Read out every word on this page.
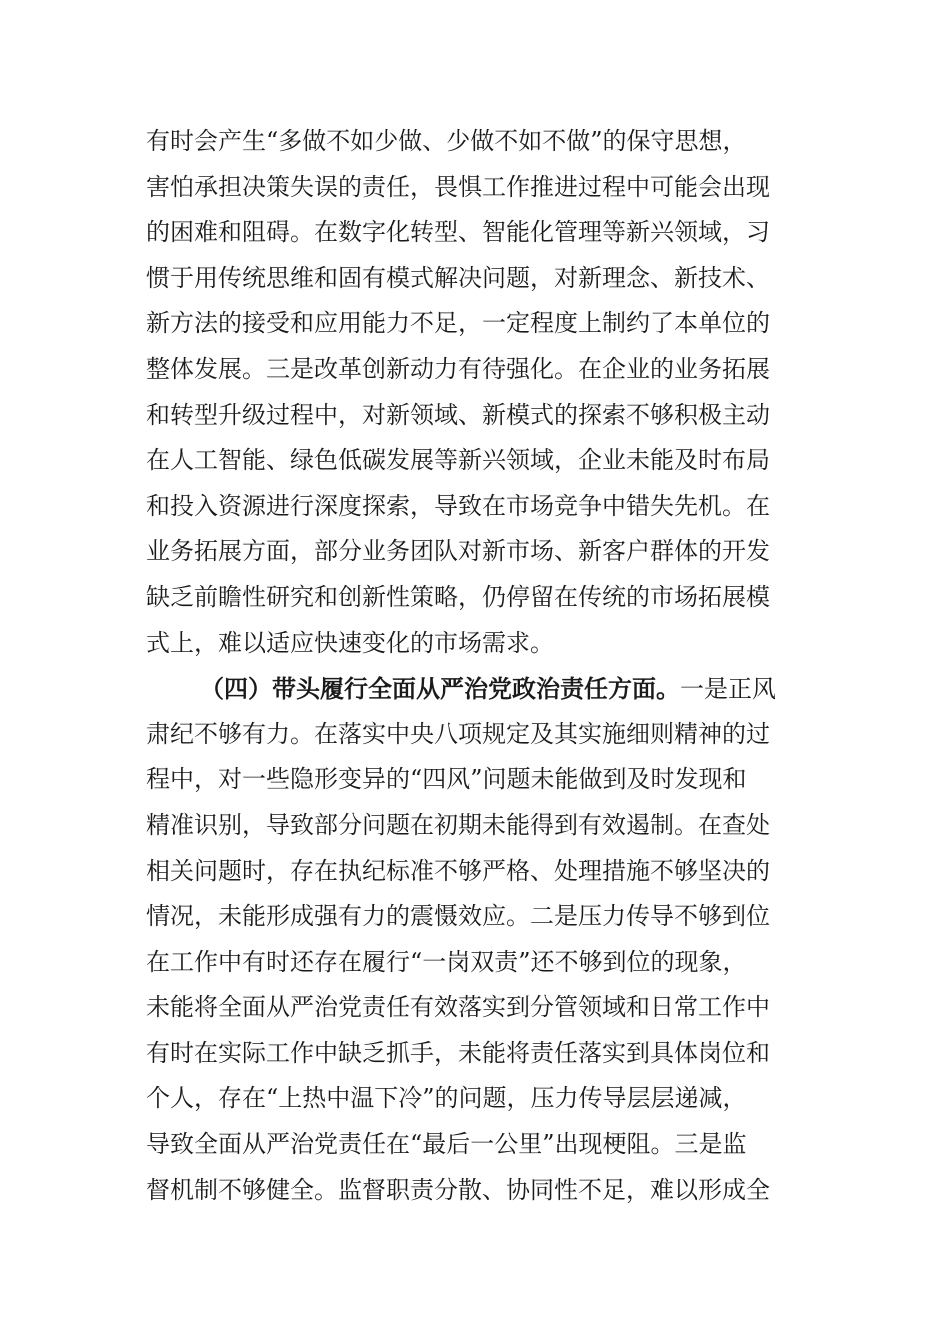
有时会产生“多做不如少做、少做不如不做”的保守思想，
害怕承担决策失误的责任，畏惧工作推进过程中可能会出现
的困难和阻碍。在数字化转型、智能化管理等新兴领域，习
惯于用传统思维和固有模式解决问题，对新理念、新技术、
新方法的接受和应用能力不足，一定程度上制约了本单位的
整体发展。三是改革创新动力有待强化。在企业的业务拓展
和转型升级过程中，对新领域、新模式的探索不够积极主动
在人工智能、绿色低碳发展等新兴领域，企业未能及时布局
和投入资源进行深度探索，导致在市场竞争中错失先机。在
业务拓展方面，部分业务团队对新市场、新客户群体的开发
缺乏前瞻性研究和创新性策略，仍停留在传统的市场拓展模
式上，难以适应快速变化的市场需求。
（四）带头履行全面从严治党政治责任方面。一是正风
肃纪不够有力。在落实中央八项规定及其实施细则精神的过
程中，对一些隐形变异的“四风”问题未能做到及时发现和
精准识别，导致部分问题在初期未能得到有效遏制。在查处
相关问题时，存在执纪标准不够严格、处理措施不够坚决的
情况，未能形成强有力的震慑效应。二是压力传导不够到位
在工作中有时还存在履行“一岗双责”还不够到位的现象，
未能将全面从严治党责任有效落实到分管领域和日常工作中
有时在实际工作中缺乏抓手，未能将责任落实到具体岗位和
个人，存在“上热中温下冷”的问题，压力传导层层递减，
导致全面从严治党责任在“最后一公里”出现梗阻。三是监
督机制不够健全。监督职责分散、协同性不足，难以形成全
